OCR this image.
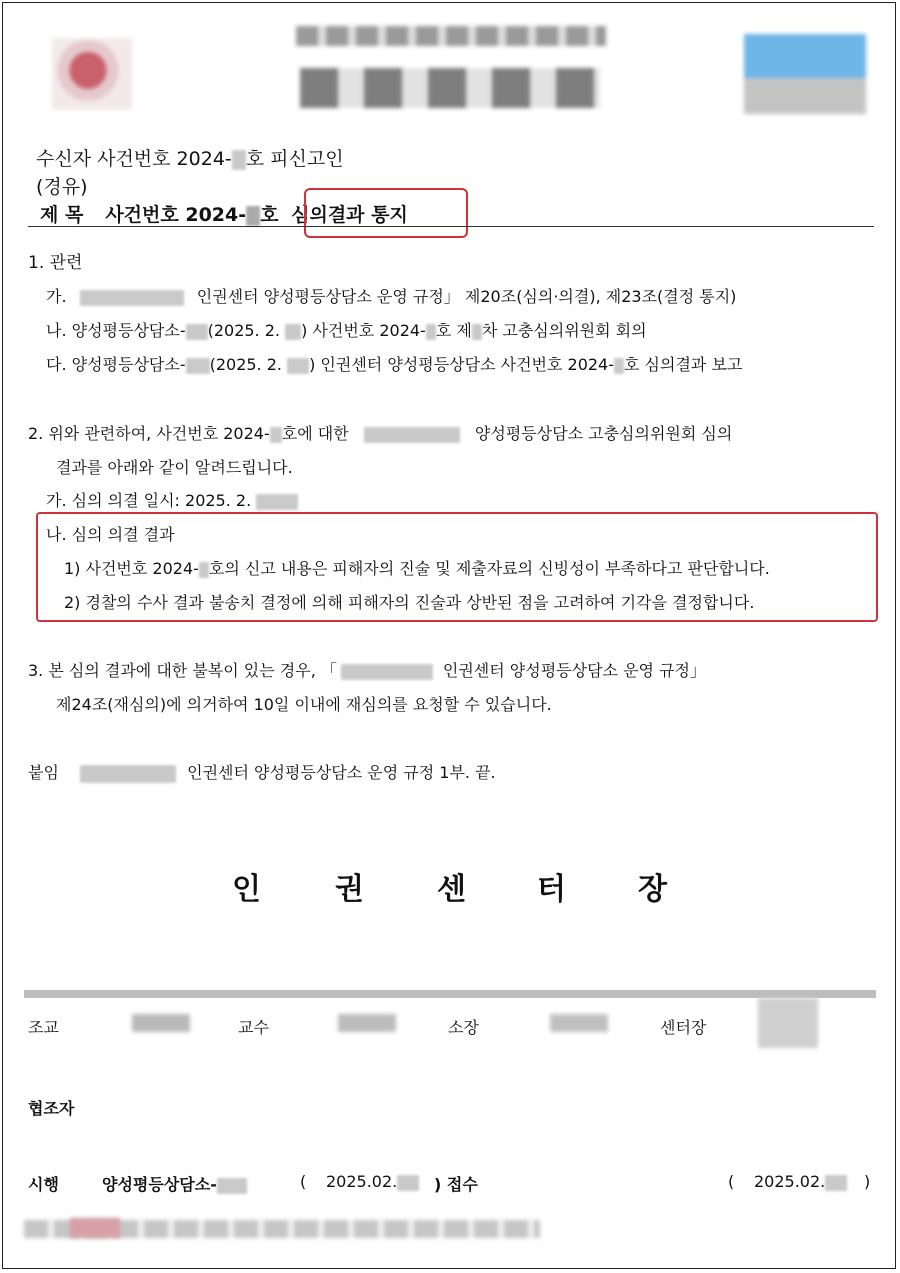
수신자 사건번호 2024- 호 피신고인
(경유)
제 목 사건번호 2024- 호 심의결과 통지
1. 관련
가.	인권센터 양성평등상담소 운영 규정」 제20조(심의·의결), 제23조(결정 통지)
나. 양성평등상담소- (2025. 2. ) 사건번호 2024- 호 제 차 고충심의위원회 회의
다. 양성평등상담소- (2025. 2. ) 인권센터 양성평등상담소 사건번호 2024- 호 심의결과 보고
2. 위와 관련하여, 사건번호 2024- 호에 대한	양성평등상담소 고충심의위원회 심의
결과를 아래와 같이 알려드립니다.
가. 심의 의결 일시: 2025. 2.
나. 심의 의결 결과
1) 사건번호 2024- 호의 신고 내용은 피해자의 진술 및 제출자료의 신빙성이 부족하다고 판단합니다.
2) 경찰의 수사 결과 불송치 결정에 의해 피해자의 진술과 상반된 점을 고려하여 기각을 결정합니다.
3. 본 심의 결과에 대한 불복이 있는 경우, 「	인권센터 양성평등상담소 운영 규정」
제24조(재심의)에 의거하여 10일 이내에 재심의를 요청할 수 있습니다.
붙임	인권센터 양성평등상담소 운영 규정 1부. 끝.
인 권 센 터 장
조교	교수	소장	센터장
협조자
시행	양성평등상담소-	( 2025.02.	) 접수	( 2025.02.	)
